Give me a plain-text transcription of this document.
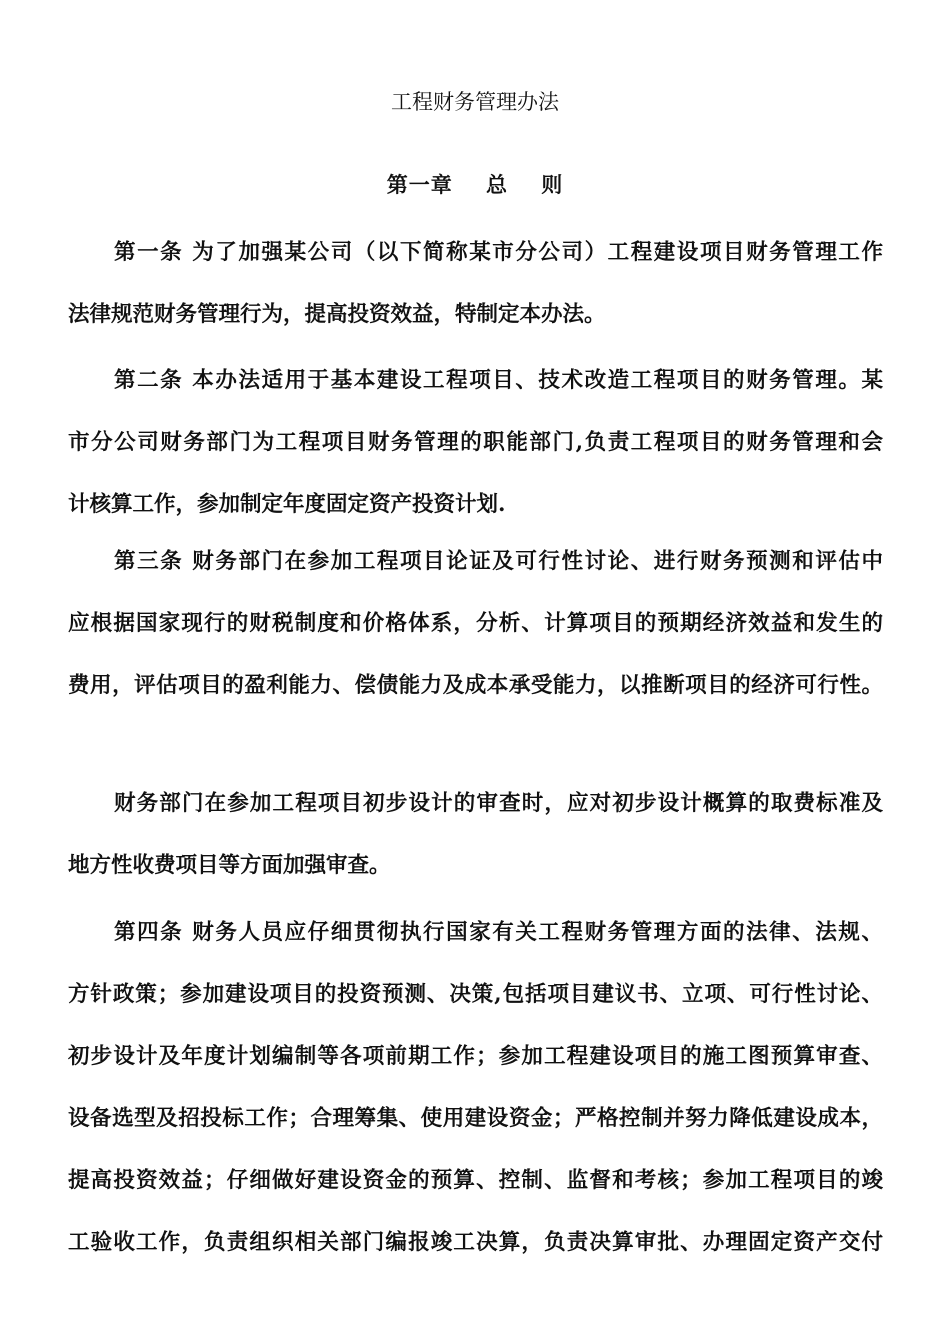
工程财务管理办法
第一章    总    则
第一条 为了加强某公司（以下简称某市分公司）工程建设项目财务管理工作
法律规范财务管理行为，提高投资效益，特制定本办法。
第二条 本办法适用于基本建设工程项目、技术改造工程项目的财务管理。某
市分公司财务部门为工程项目财务管理的职能部门,负责工程项目的财务管理和会
计核算工作，参加制定年度固定资产投资计划.
第三条 财务部门在参加工程项目论证及可行性讨论、进行财务预测和评估中
应根据国家现行的财税制度和价格体系，分析、计算项目的预期经济效益和发生的
费用，评估项目的盈利能力、偿债能力及成本承受能力，以推断项目的经济可行性。
财务部门在参加工程项目初步设计的审查时，应对初步设计概算的取费标准及
地方性收费项目等方面加强审查。
第四条 财务人员应仔细贯彻执行国家有关工程财务管理方面的法律、法规、
方针政策；参加建设项目的投资预测、决策,包括项目建议书、立项、可行性讨论、
初步设计及年度计划编制等各项前期工作；参加工程建设项目的施工图预算审查、
设备选型及招投标工作；合理筹集、使用建设资金；严格控制并努力降低建设成本，
提高投资效益；仔细做好建设资金的预算、控制、监督和考核；参加工程项目的竣
工验收工作，负责组织相关部门编报竣工决算，负责决算审批、办理固定资产交付
